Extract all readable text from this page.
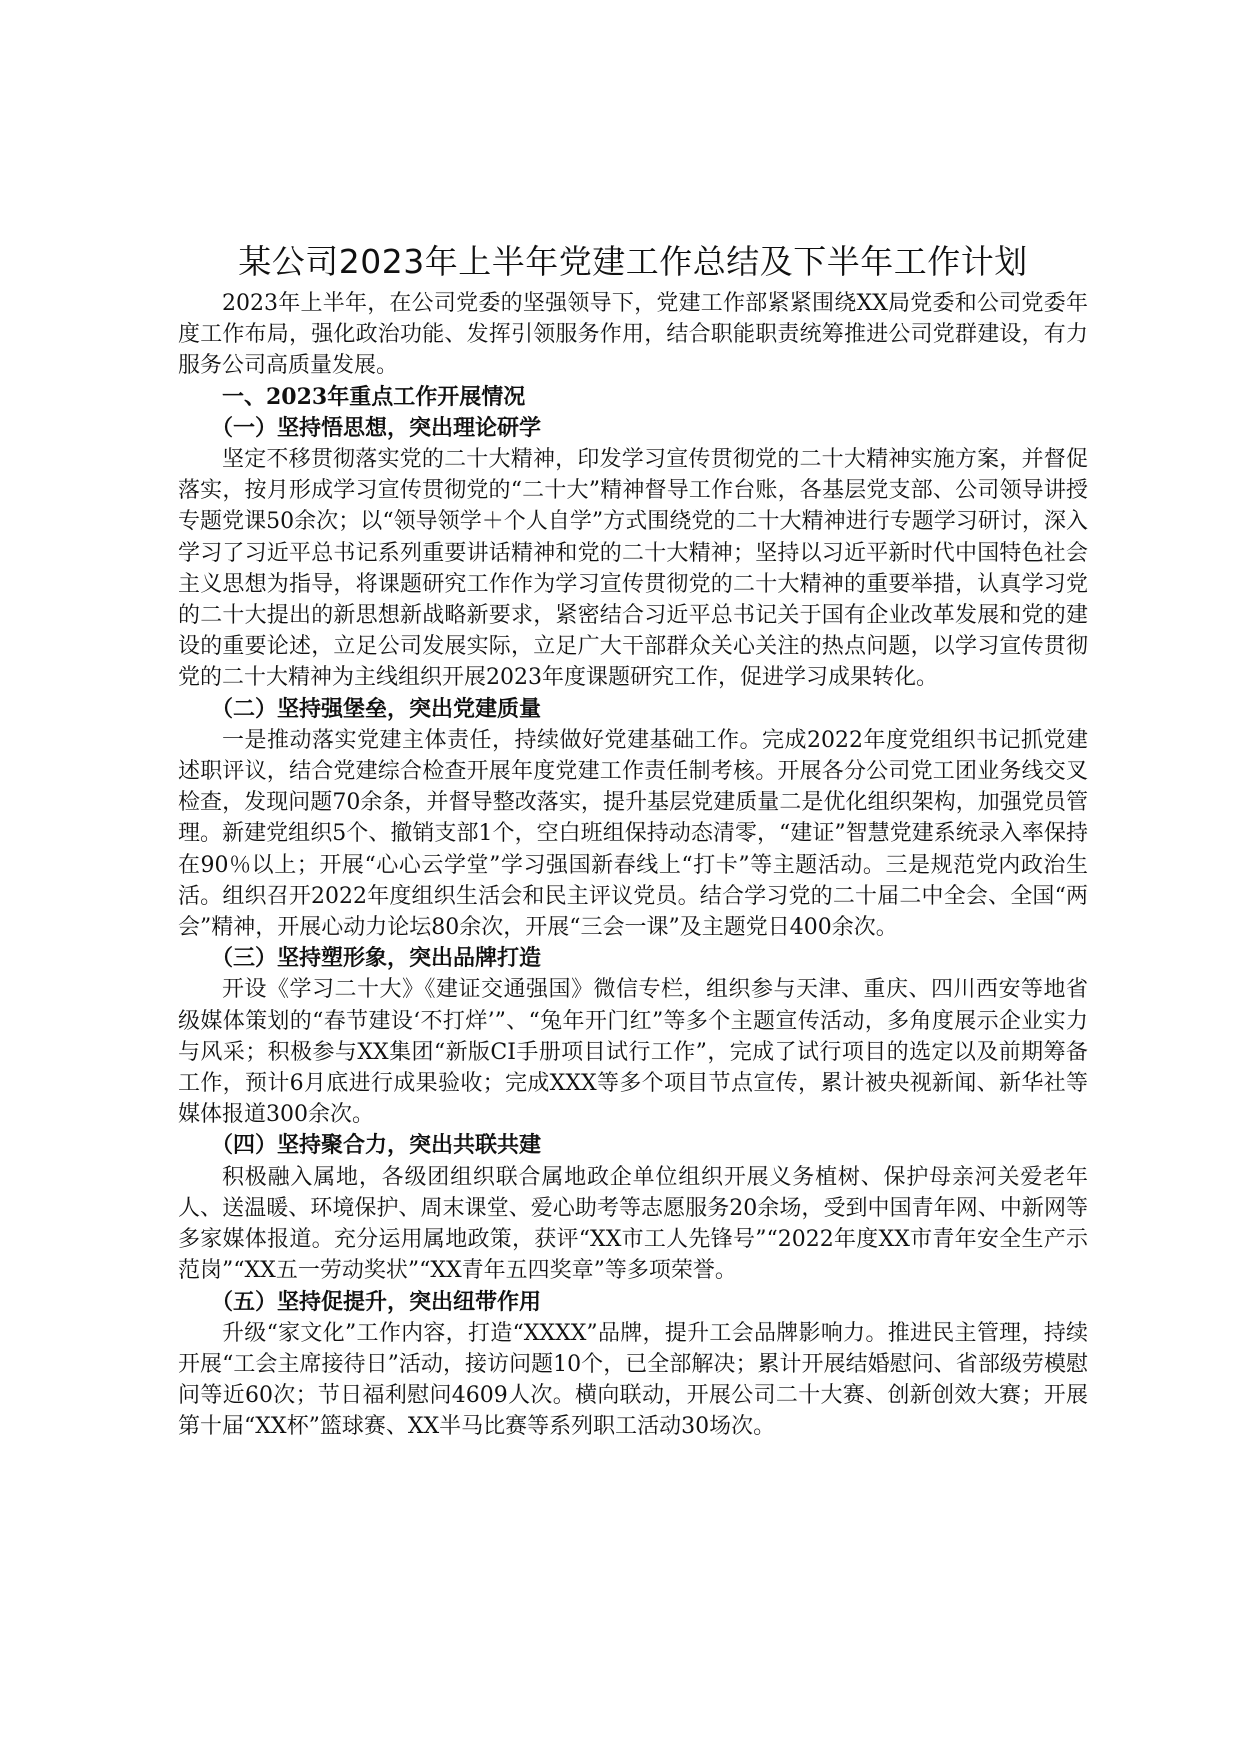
某公司2023年上半年党建工作总结及下半年工作计划

2023年上半年，在公司党委的坚强领导下，党建工作部紧紧围绕XX局党委和公司党委年度工作布局，强化政治功能、发挥引领服务作用，结合职能职责统筹推进公司党群建设，有力服务公司高质量发展。

一、2023年重点工作开展情况
（一）坚持悟思想，突出理论研学

坚定不移贯彻落实党的二十大精神，印发学习宣传贯彻党的二十大精神实施方案，并督促落实，按月形成学习宣传贯彻党的“二十大”精神督导工作台账，各基层党支部、公司领导讲授专题党课50余次；以“领导领学＋个人自学”方式围绕党的二十大精神进行专题学习研讨，深入学习了习近平总书记系列重要讲话精神和党的二十大精神；坚持以习近平新时代中国特色社会主义思想为指导，将课题研究工作作为学习宣传贯彻党的二十大精神的重要举措，认真学习党的二十大提出的新思想新战略新要求，紧密结合习近平总书记关于国有企业改革发展和党的建设的重要论述，立足公司发展实际，立足广大干部群众关心关注的热点问题，以学习宣传贯彻党的二十大精神为主线组织开展2023年度课题研究工作，促进学习成果转化。

（二）坚持强堡垒，突出党建质量

一是推动落实党建主体责任，持续做好党建基础工作。完成2022年度党组织书记抓党建述职评议，结合党建综合检查开展年度党建工作责任制考核。开展各分公司党工团业务线交叉检查，发现问题70余条，并督导整改落实，提升基层党建质量二是优化组织架构，加强党员管理。新建党组织5个、撤销支部1个，空白班组保持动态清零，“建证”智慧党建系统录入率保持在90％以上；开展“心心云学堂”学习强国新春线上“打卡”等主题活动。三是规范党内政治生活。组织召开2022年度组织生活会和民主评议党员。结合学习党的二十届二中全会、全国“两会”精神，开展心动力论坛80余次，开展“三会一课”及主题党日400余次。

（三）坚持塑形象，突出品牌打造

开设《学习二十大》《建证交通强国》微信专栏，组织参与天津、重庆、四川西安等地省级媒体策划的“春节建设‘不打烊’”、“兔年开门红”等多个主题宣传活动，多角度展示企业实力与风采；积极参与XX集团“新版CI手册项目试行工作”，完成了试行项目的选定以及前期筹备工作，预计6月底进行成果验收；完成XXX等多个项目节点宣传，累计被央视新闻、新华社等媒体报道300余次。

（四）坚持聚合力，突出共联共建

积极融入属地，各级团组织联合属地政企单位组织开展义务植树、保护母亲河关爱老年人、送温暖、环境保护、周末课堂、爱心助考等志愿服务20余场，受到中国青年网、中新网等多家媒体报道。充分运用属地政策，获评“XX市工人先锋号”“2022年度XX市青年安全生产示范岗”“XX五一劳动奖状”“XX青年五四奖章”等多项荣誉。

（五）坚持促提升，突出纽带作用

升级“家文化”工作内容，打造“XXXX”品牌，提升工会品牌影响力。推进民主管理，持续开展“工会主席接待日”活动，接访问题10个，已全部解决；累计开展结婚慰问、省部级劳模慰问等近60次；节日福利慰问4609人次。横向联动，开展公司二十大赛、创新创效大赛；开展第十届“XX杯”篮球赛、XX半马比赛等系列职工活动30场次。
